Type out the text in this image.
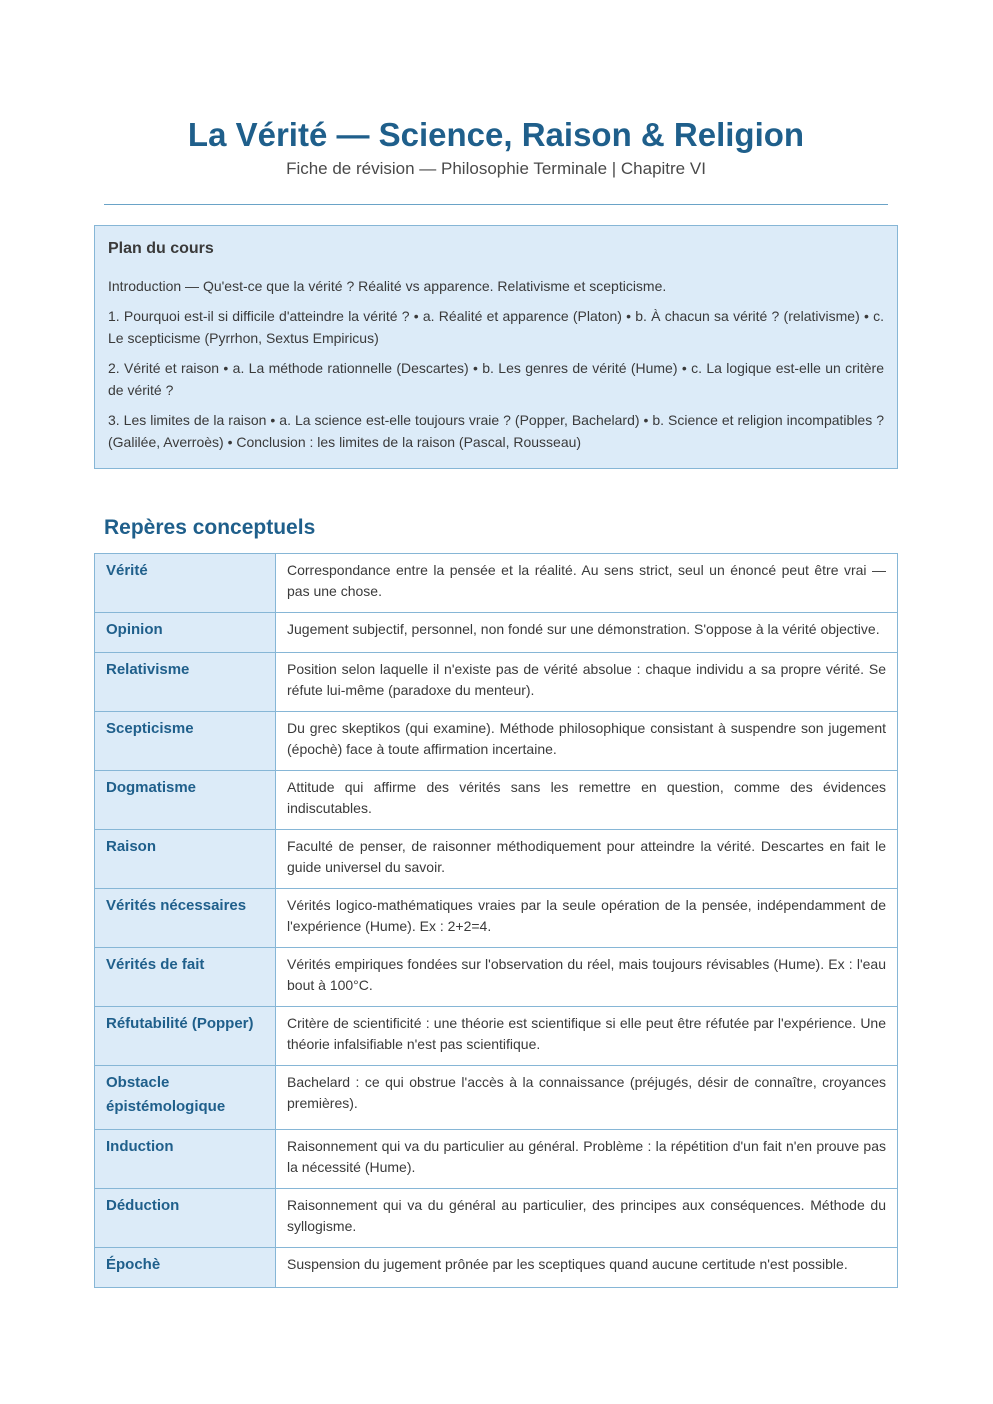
La Vérité — Science, Raison & Religion
Fiche de révision — Philosophie Terminale | Chapitre VI
Plan du cours

Introduction — Qu'est-ce que la vérité ? Réalité vs apparence. Relativisme et scepticisme.

1. Pourquoi est-il si difficile d'atteindre la vérité ? • a. Réalité et apparence (Platon) • b. À chacun sa vérité ? (relativisme) • c. Le scepticisme (Pyrrhon, Sextus Empiricus)

2. Vérité et raison • a. La méthode rationnelle (Descartes) • b. Les genres de vérité (Hume) • c. La logique est-elle un critère de vérité ?

3. Les limites de la raison • a. La science est-elle toujours vraie ? (Popper, Bachelard) • b. Science et religion incompatibles ? (Galilée, Averroès) • Conclusion : les limites de la raison (Pascal, Rousseau)

Repères conceptuels
Vérité	Correspondance entre la pensée et la réalité. Au sens strict, seul un énoncé peut être vrai — pas une chose.
Opinion	Jugement subjectif, personnel, non fondé sur une démonstration. S'oppose à la vérité objective.
Relativisme	Position selon laquelle il n'existe pas de vérité absolue : chaque individu a sa propre vérité. Se réfute lui-même (paradoxe du menteur).
Scepticisme	Du grec skeptikos (qui examine). Méthode philosophique consistant à suspendre son jugement (épochè) face à toute affirmation incertaine.
Dogmatisme	Attitude qui affirme des vérités sans les remettre en question, comme des évidences indiscutables.
Raison	Faculté de penser, de raisonner méthodiquement pour atteindre la vérité. Descartes en fait le guide universel du savoir.
Vérités nécessaires	Vérités logico-mathématiques vraies par la seule opération de la pensée, indépendamment de l'expérience (Hume). Ex : 2+2=4.
Vérités de fait	Vérités empiriques fondées sur l'observation du réel, mais toujours révisables (Hume). Ex : l'eau bout à 100°C.
Réfutabilité (Popper)	Critère de scientificité : une théorie est scientifique si elle peut être réfutée par l'expérience. Une théorie infalsifiable n'est pas scientifique.
Obstacle épistémologique	Bachelard : ce qui obstrue l'accès à la connaissance (préjugés, désir de connaître, croyances premières).
Induction	Raisonnement qui va du particulier au général. Problème : la répétition d'un fait n'en prouve pas la nécessité (Hume).
Déduction	Raisonnement qui va du général au particulier, des principes aux conséquences. Méthode du syllogisme.
Épochè	Suspension du jugement prônée par les sceptiques quand aucune certitude n'est possible.
